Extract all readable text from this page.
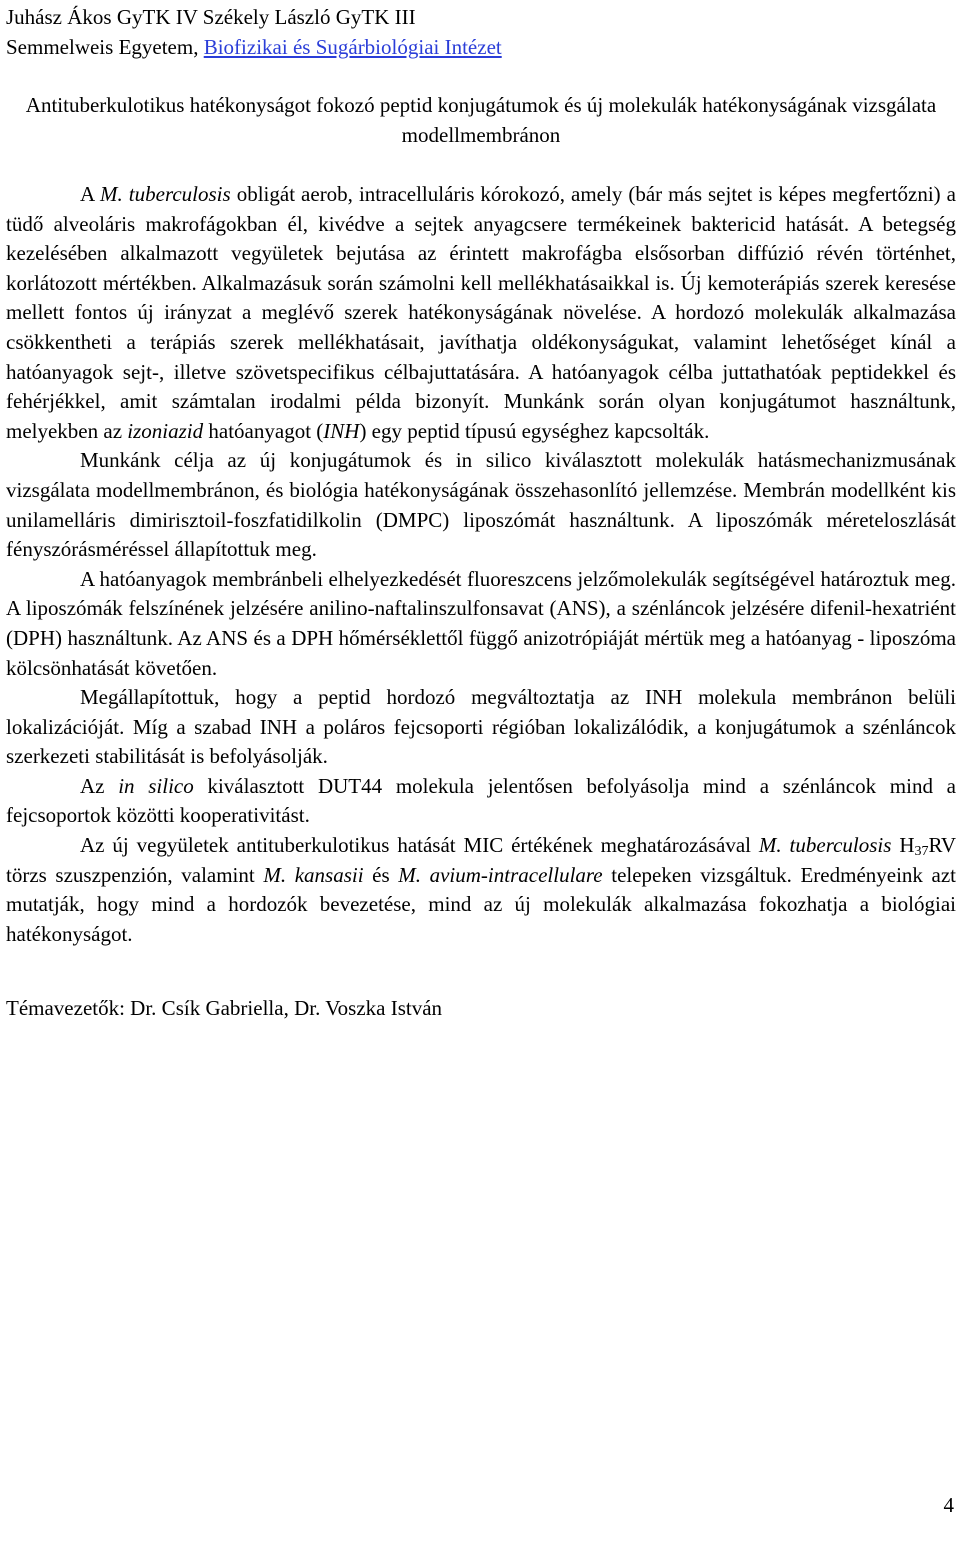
Juhász Ákos GyTK IV Székely László GyTK III
Semmelweis Egyetem, Biofizikai és Sugárbiológiai Intézet
Antituberkulotikus hatékonyságot fokozó peptid konjugátumok és új molekulák hatékonyságának vizsgálata modellmembránon

A M. tuberculosis obligát aerob, intracelluláris kórokozó, amely (bár más sejtet is képes megfertőzni) a tüdő alveoláris makrofágokban él, kivédve a sejtek anyagcsere termékeinek baktericid hatását. A betegség kezelésében alkalmazott vegyületek bejutása az érintett makrofágba elsősorban diffúzió révén történhet, korlátozott mértékben. Alkalmazásuk során számolni kell mellékhatásaikkal is. Új kemoterápiás szerek keresése mellett fontos új irányzat a meglévő szerek hatékonyságának növelése. A hordozó molekulák alkalmazása csökkentheti a terápiás szerek mellékhatásait, javíthatja oldékonyságukat, valamint lehetőséget kínál a hatóanyagok sejt-, illetve szövetspecifikus célbajuttatására. A hatóanyagok célba juttathatóak peptidekkel és fehérjékkel, amit számtalan irodalmi példa bizonyít. Munkánk során olyan konjugátumot használtunk, melyekben az izoniazid hatóanyagot (INH) egy peptid típusú egységhez kapcsolták.

Munkánk célja az új konjugátumok és in silico kiválasztott molekulák hatásmechanizmusának vizsgálata modellmembránon, és biológia hatékonyságának összehasonlító jellemzése. Membrán modellként kis unilamelláris dimirisztoil-foszfatidilkolin (DMPC) liposzómát használtunk. A liposzómák méreteloszlását fényszórásméréssel állapítottuk meg.

A hatóanyagok membránbeli elhelyezkedését fluoreszcens jelzőmolekulák segítségével határoztuk meg. A liposzómák felszínének jelzésére anilino-naftalinszulfonsavat (ANS), a szénláncok jelzésére difenil-hexatriént (DPH) használtunk. Az ANS és a DPH hőmérséklettől függő anizotrópiáját mértük meg a hatóanyag - liposzóma kölcsönhatását követően.

Megállapítottuk, hogy a peptid hordozó megváltoztatja az INH molekula membránon belüli lokalizációját. Míg a szabad INH a poláros fejcsoporti régióban lokalizálódik, a konjugátumok a szénláncok szerkezeti stabilitását is befolyásolják.

Az in silico kiválasztott DUT44 molekula jelentősen befolyásolja mind a szénláncok mind a fejcsoportok közötti kooperativitást.

Az új vegyületek antituberkulotikus hatását MIC értékének meghatározásával M. tuberculosis $H_{37}RV$ törzs szuszpenzión, valamint M. kansasii és M. avium-intracellulare telepeken vizsgáltuk. Eredményeink azt mutatják, hogy mind a hordozók bevezetése, mind az új molekulák alkalmazása fokozhatja a biológiai hatékonyságot.

Témavezetők: Dr. Csík Gabriella, Dr. Voszka István
4
